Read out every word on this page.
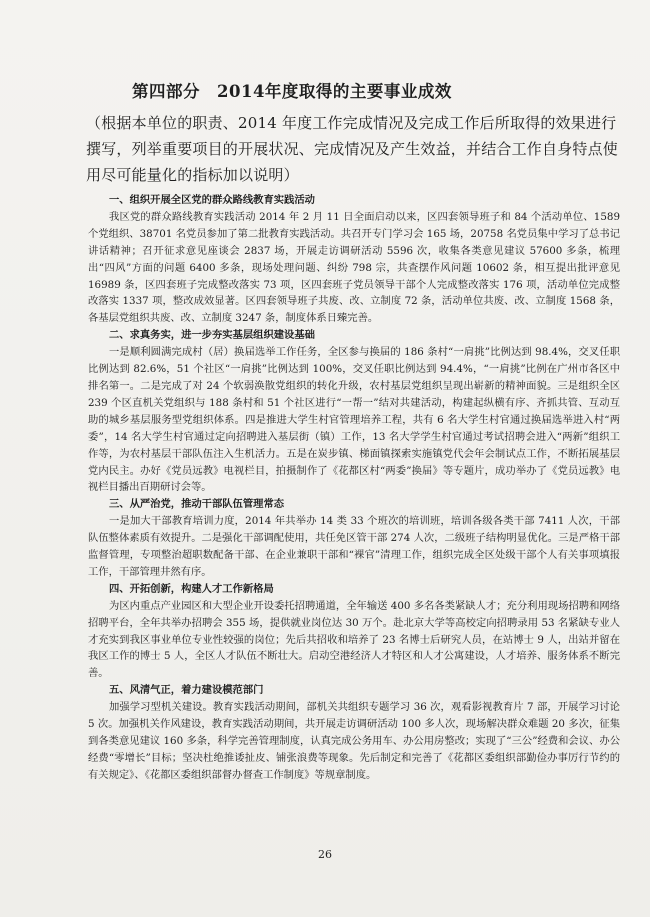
第四部分　2014年度取得的主要事业成效
（根据本单位的职责、2014 年度工作完成情况及完成工作后所取得的效果进行撰写，列举重要项目的开展状况、完成情况及产生效益，并结合工作自身特点使用尽可能量化的指标加以说明）

一、组织开展全区党的群众路线教育实践活动

我区党的群众路线教育实践活动 2014 年 2 月 11 日全面启动以来，区四套领导班子和 84 个活动单位、1589 个党组织、38701 名党员参加了第二批教育实践活动。共召开专门学习会 165 场，20758 名党员集中学习了总书记讲话精神；召开征求意见座谈会 2837 场，开展走访调研活动 5596 次，收集各类意见建议 57600 多条，梳理出“四风”方面的问题 6400 多条，现场处理问题、纠纷 798 宗，共查摆作风问题 10602 条，相互提出批评意见 16989 条，区四套班子完成整改落实 73 项，区四套班子党员领导干部个人完成整改落实 176 项，活动单位完成整改落实 1337 项，整改成效显著。区四套领导班子共废、改、立制度 72 条，活动单位共废、改、立制度 1568 条，各基层党组织共废、改、立制度 3247 条，制度体系日臻完善。

二、求真务实，进一步夯实基层组织建设基础

一是顺利圆满完成村（居）换届选举工作任务，全区参与换届的 186 条村“一肩挑”比例达到 98.4%，交叉任职比例达到 82.6%，51 个社区“一肩挑”比例达到 100%，交叉任职比例达到 94.4%，“一肩挑”比例在广州市各区中排名第一。二是完成了对 24 个软弱涣散党组织的转化升级，农村基层党组织呈现出崭新的精神面貌。三是组织全区 239 个区直机关党组织与 188 条村和 51 个社区进行“一帮一”结对共建活动，构建起纵横有序、齐抓共管、互动互助的城乡基层服务型党组织体系。四是推进大学生村官管理培养工程，共有 6 名大学生村官通过换届选举进入村“两委”，14 名大学生村官通过定向招聘进入基层街（镇）工作，13 名大学学生村官通过考试招聘会进入“两新”组织工作等，为农村基层干部队伍注入生机活力。五是在炭步镇、梯面镇探索实施镇党代会年会制试点工作，不断拓展基层党内民主。办好《党员远教》电视栏目，拍摄制作了《花都区村“两委”换届》等专题片，成功举办了《党员远教》电视栏目播出百期研讨会等。

三、从严治党，推动干部队伍管理常态

一是加大干部教育培训力度，2014 年共举办 14 类 33 个班次的培训班，培训各级各类干部 7411 人次，干部队伍整体素质有效提升。二是强化干部调配使用，共任免区管干部 274 人次，二级班子结构明显优化。三是严格干部监督管理，专项整治超职数配备干部、在企业兼职干部和“裸官”清理工作，组织完成全区处级干部个人有关事项填报工作，干部管理井然有序。

四、开拓创新，构建人才工作新格局

为区内重点产业园区和大型企业开设委托招聘通道，全年输送 400 多名各类紧缺人才；充分利用现场招聘和网络招聘平台，全年共举办招聘会 355 场，提供就业岗位达 30 万个。赴北京大学等高校定向招聘录用 53 名紧缺专业人才充实到我区事业单位专业性较强的岗位；先后共招收和培养了 23 名博士后研究人员，在站博士 9 人，出站并留在我区工作的博士 5 人，全区人才队伍不断壮大。启动空港经济人才特区和人才公寓建设，人才培养、服务体系不断完善。

五、风清气正，着力建设模范部门

加强学习型机关建设。教育实践活动期间，部机关共组织专题学习 36 次，观看影视教育片 7 部，开展学习讨论 5 次。加强机关作风建设，教育实践活动期间，共开展走访调研活动 100 多人次，现场解决群众难题 20 多次，征集到各类意见建议 160 多条，科学完善管理制度，认真完成公务用车、办公用房整改；实现了“三公”经费和会议、办公经费“零增长”目标；坚决杜绝推诿扯皮、铺张浪费等现象。先后制定和完善了《花都区委组织部勤俭办事厉行节约的有关规定》、《花都区委组织部督办督查工作制度》等规章制度。

26
